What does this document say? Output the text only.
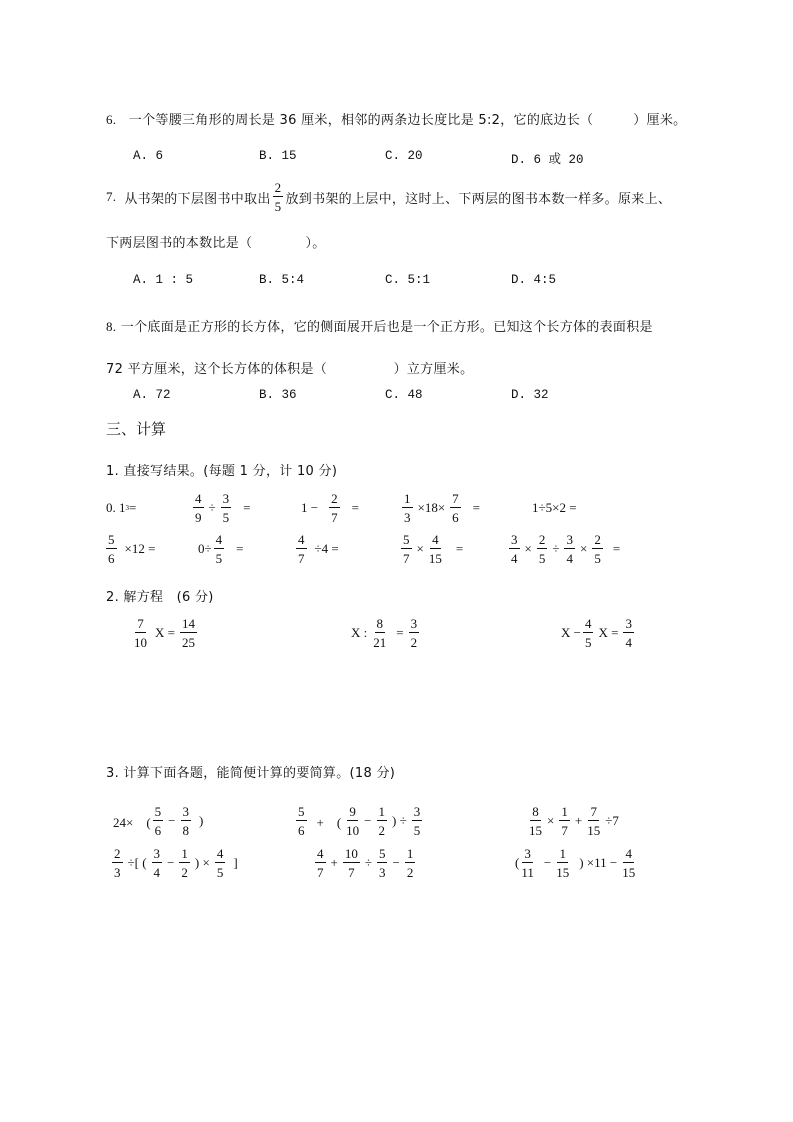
6. 一个等腰三角形的周长是 36 厘米，相邻的两条边长度比是 5:2，它的底边长（　　　）厘米。
A. 6	B. 15	C. 20	D. 6 或 20
7. 从书架的下层图书中取出 $\frac{2}{5}$ 放到书架的上层中，这时上、下两层的图书本数一样多。原来上、
下两层图书的本数比是（　　　　）。
A. 1 : 5	B. 5:4	C. 5:1	D. 4:5
8. 一个底面是正方形的长方体，它的侧面展开后也是一个正方形。已知这个长方体的表面积是
72 平方厘米，这个长方体的体积是（　　　　　）立方厘米。
A. 72	B. 36	C. 48	D. 32
三、计算
1. 直接写结果。(每题 1 分，计 10 分)
0. 1 3 =	$\frac{4}{9} \div \frac{3}{5}$ =	$1 - \frac{2}{7}$ =	$\frac{1}{3} \times 18\times \frac{7}{6}$ =	1÷5×2 =
$\frac{5}{6} \times 12$ =	$0\div \frac{4}{5}$ =	$\frac{4}{7} \div 4$ =	$\frac{5}{7} \times \frac{4}{15}$ =	$\frac{3}{4} \times \frac{2}{5} \div \frac{3}{4} \times \frac{2}{5}$ =
2. 解方程　(6 分)
$\frac{7}{10}$ $X = \frac{14}{25}$	X : $\frac{8}{21} = \frac{3}{2}$	$X - \frac{4}{5}$ $X = \frac{3}{4}$
3. 计算下面各题，能简便计算的要简算。(18 分)
24×　( $\frac{5}{6} - \frac{3}{8}$ )	$\frac{5}{6}$ +　( $\frac{9}{10} - \frac{1}{2}$ ) ÷ $\frac{3}{5}$	$\frac{8}{15} \times \frac{1}{7} + \frac{7}{15} \div 7$
$\frac{2}{3}$ ÷[ ( $\frac{3}{4} - \frac{1}{2}$ ) × $\frac{4}{5}$ ]	$\frac{4}{7} + \frac{10}{7} \div \frac{5}{3} - \frac{1}{2}$	( $\frac{3}{11} - \frac{1}{15}$ ) $\times 11 - \frac{4}{15}$
